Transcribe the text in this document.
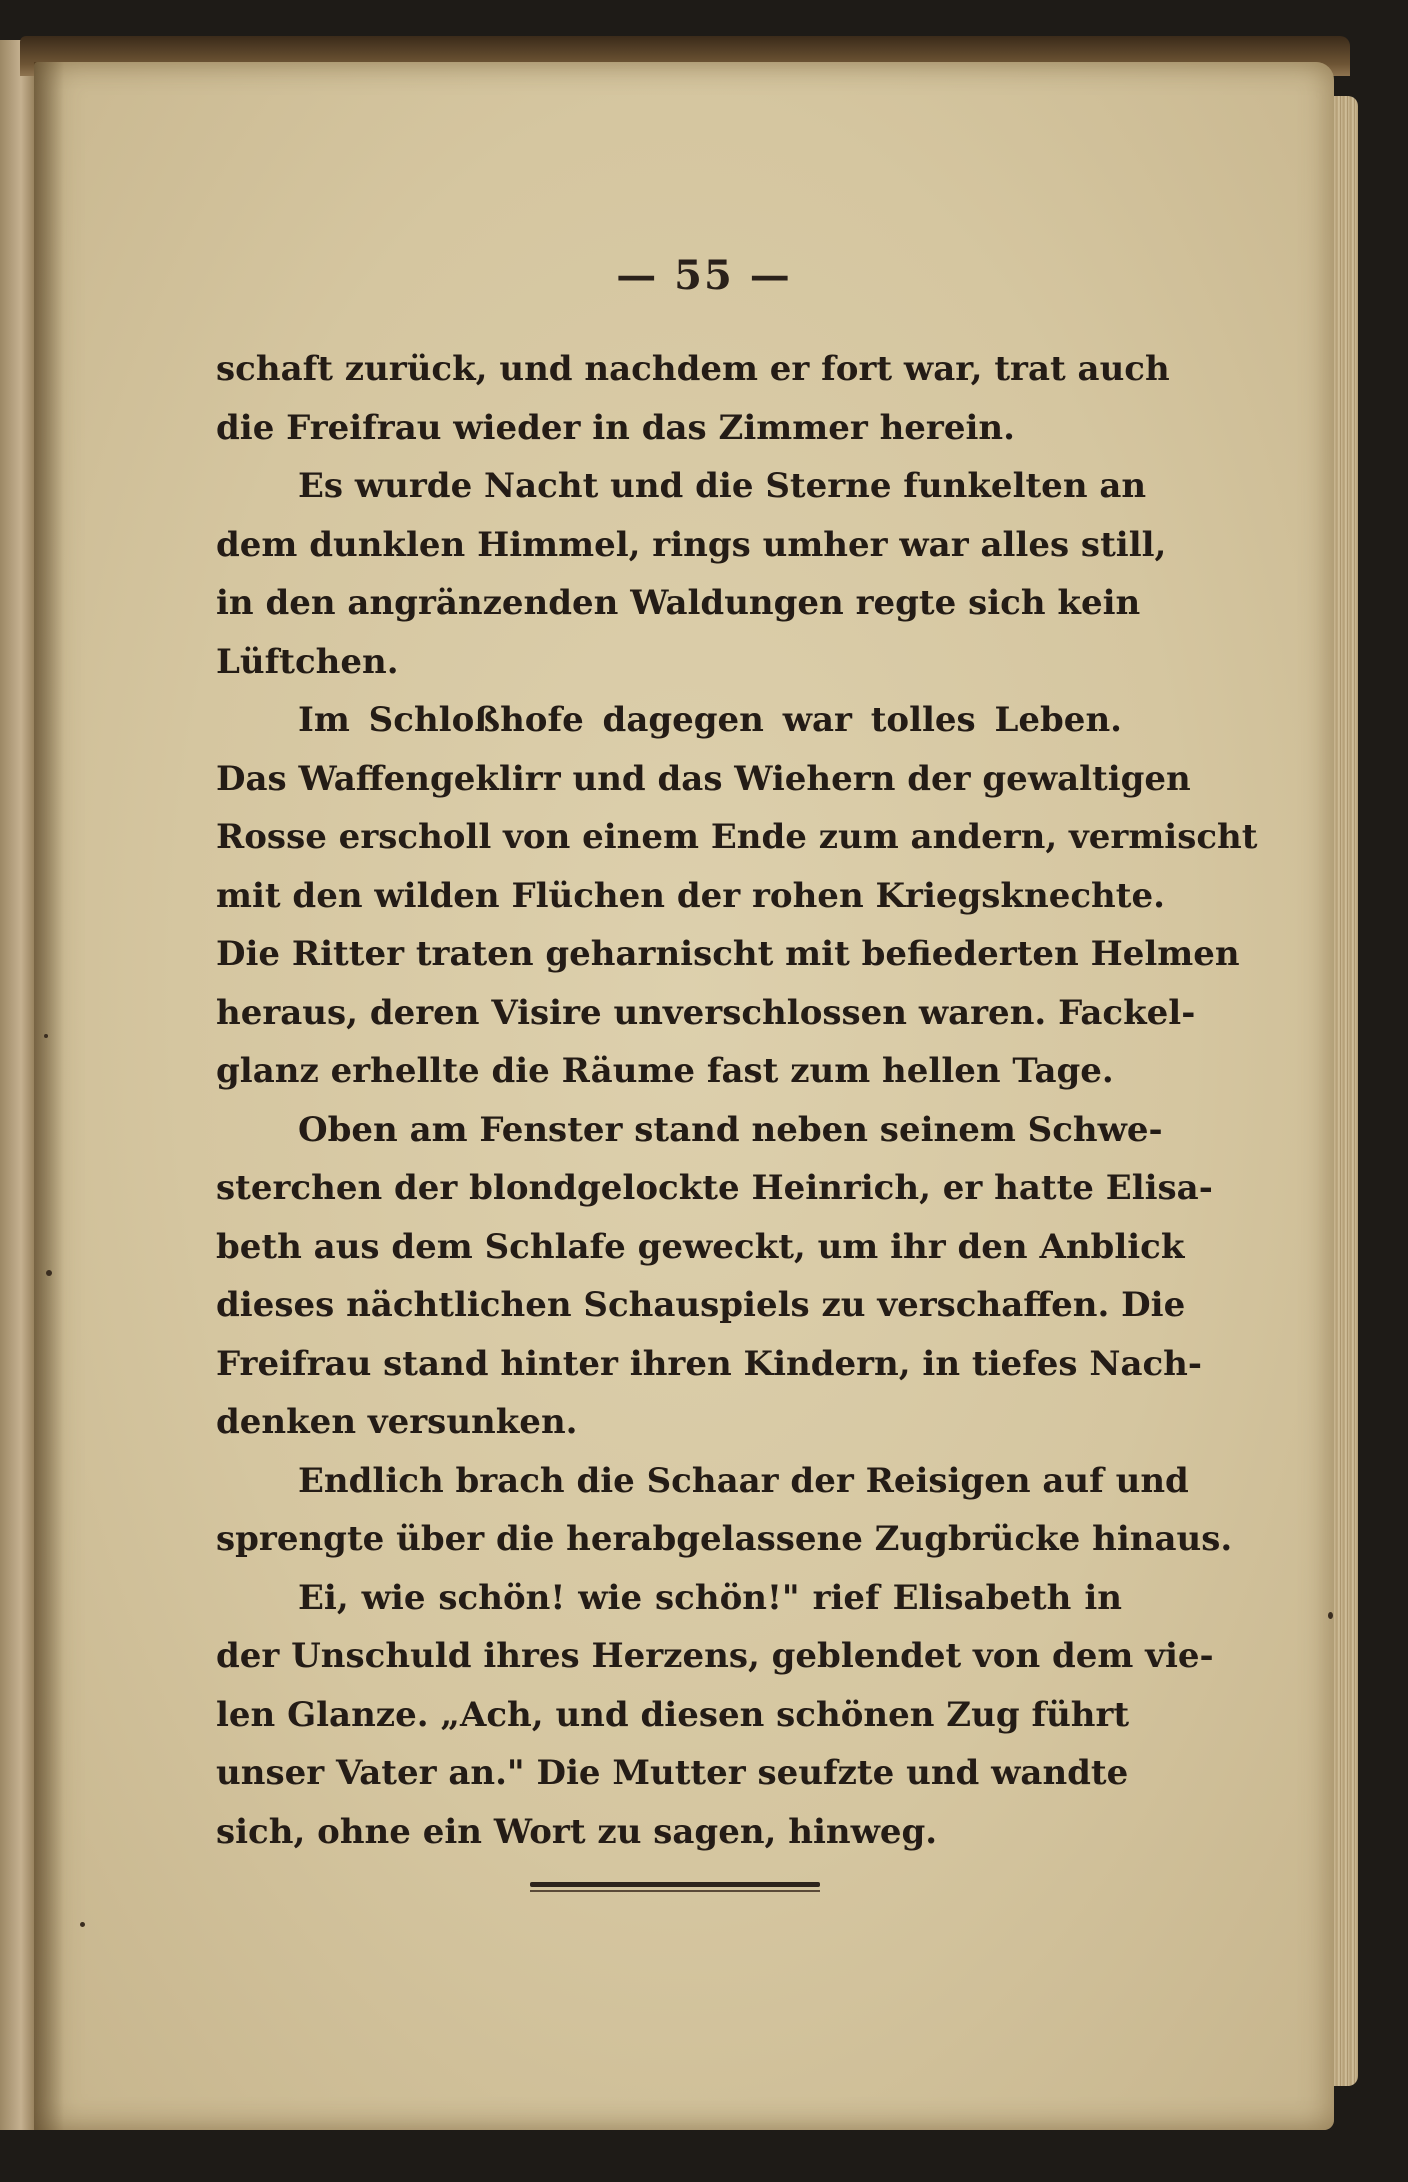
— 55 —
schaft zurück, und nachdem er fort war, trat auch
die Freifrau wieder in das Zimmer herein.
Es wurde Nacht und die Sterne funkelten an
dem dunklen Himmel, rings umher war alles still,
in den angränzenden Waldungen regte sich kein
Lüftchen.
Im Schloßhofe dagegen war tolles Leben.
Das Waffengeklirr und das Wiehern der gewaltigen
Rosse erscholl von einem Ende zum andern, vermischt
mit den wilden Flüchen der rohen Kriegsknechte.
Die Ritter traten geharnischt mit befiederten Helmen
heraus, deren Visire unverschlossen waren. Fackel-
glanz erhellte die Räume fast zum hellen Tage.
Oben am Fenster stand neben seinem Schwe-
sterchen der blondgelockte Heinrich, er hatte Elisa-
beth aus dem Schlafe geweckt, um ihr den Anblick
dieses nächtlichen Schauspiels zu verschaffen. Die
Freifrau stand hinter ihren Kindern, in tiefes Nach-
denken versunken.
Endlich brach die Schaar der Reisigen auf und
sprengte über die herabgelassene Zugbrücke hinaus.
Ei, wie schön! wie schön!" rief Elisabeth in
der Unschuld ihres Herzens, geblendet von dem vie-
len Glanze. „Ach, und diesen schönen Zug führt
unser Vater an." Die Mutter seufzte und wandte
sich, ohne ein Wort zu sagen, hinweg.
